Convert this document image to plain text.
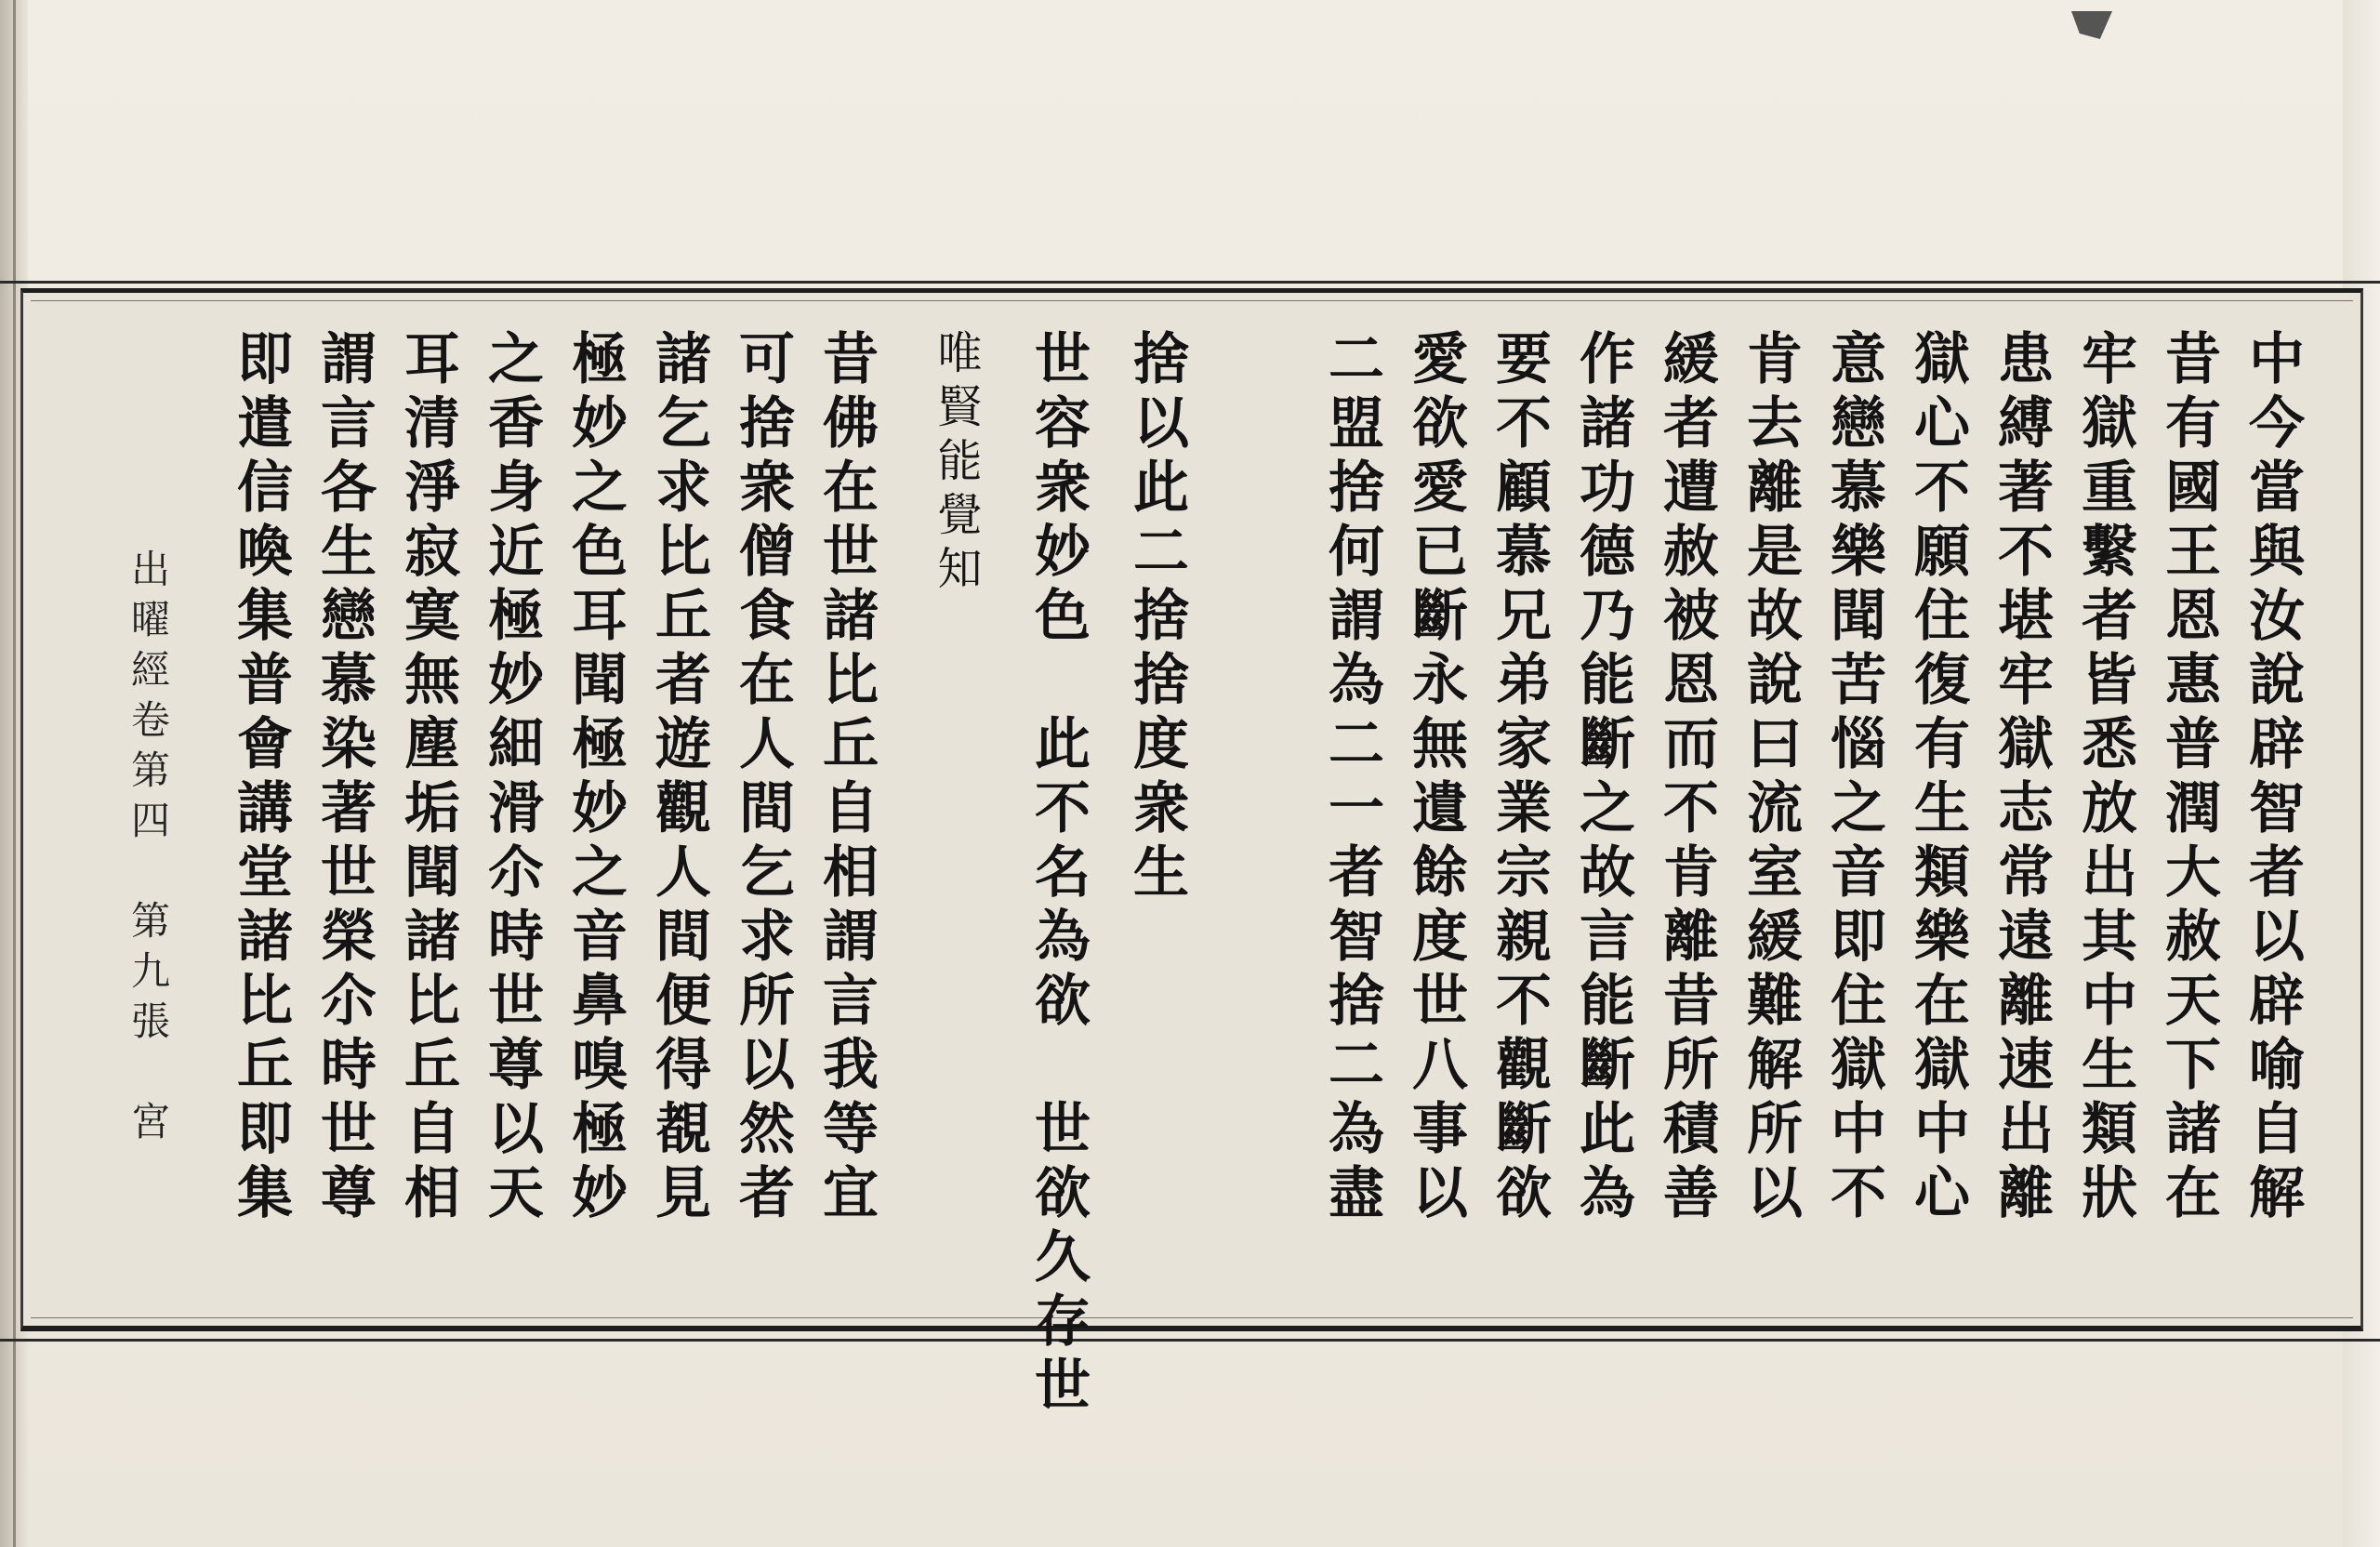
中今當與汝說辟智者以辟喻自解
昔有國王恩惠普潤大赦天下諸在
牢獄重繫者皆悉放出其中生類狀
患縛著不堪牢獄志常遠離速出離
獄心不願住復有生類樂在獄中心
意戀慕樂聞苦惱之音即住獄中不
肯去離是故說曰流室緩難解所以
緩者遭赦被恩而不肯離昔所積善
作諸功德乃能斷之故言能斷此為
要不顧慕兄弟家業宗親不觀斷欲
愛欲愛已斷永無遺餘度世八事以
二盟捨何謂為二一者智捨二為盡
捨以此二捨捨度衆生
世容衆妙色　此不名為欲　世欲久存世
唯賢能覺知
昔佛在世諸比丘自相謂言我等宜
可捨衆僧食在人間乞求所以然者
諸乞求比丘者遊觀人間便得覩見
極妙之色耳聞極妙之音鼻嗅極妙
之香身近極妙細滑尒時世尊以天
耳清淨寂寞無塵垢聞諸比丘自相
謂言各生戀慕染著世榮尒時世尊
即遣信喚集普會講堂諸比丘即集
出曜經卷第四　第九張　宮
